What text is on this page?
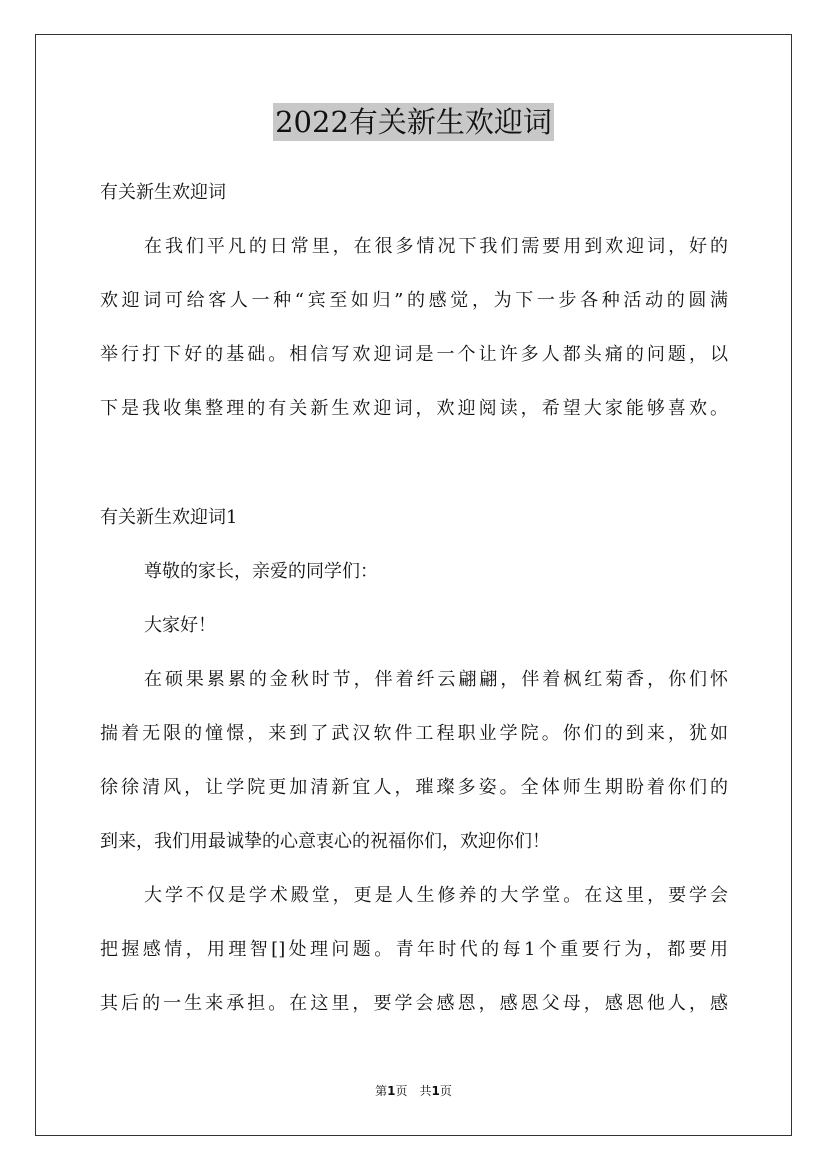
2022有关新生欢迎词
有关新生欢迎词
在我们平凡的日常里，在很多情况下我们需要用到欢迎词，好的
欢迎词可给客人一种“宾至如归”的感觉，为下一步各种活动的圆满
举行打下好的基础。相信写欢迎词是一个让许多人都头痛的问题，以
下是我收集整理的有关新生欢迎词，欢迎阅读，希望大家能够喜欢。
有关新生欢迎词1
尊敬的家长，亲爱的同学们：
大家好！
在硕果累累的金秋时节，伴着纤云翩翩，伴着枫红菊香，你们怀
揣着无限的憧憬，来到了武汉软件工程职业学院。你们的到来，犹如
徐徐清风，让学院更加清新宜人，璀璨多姿。全体师生期盼着你们的
到来，我们用最诚挚的心意衷心的祝福你们，欢迎你们！
大学不仅是学术殿堂，更是人生修养的大学堂。在这里，要学会
把握感情，用理智[]处理问题。青年时代的每1个重要行为，都要用
其后的一生来承担。在这里，要学会感恩，感恩父母，感恩他人，感
第1页　共1页
